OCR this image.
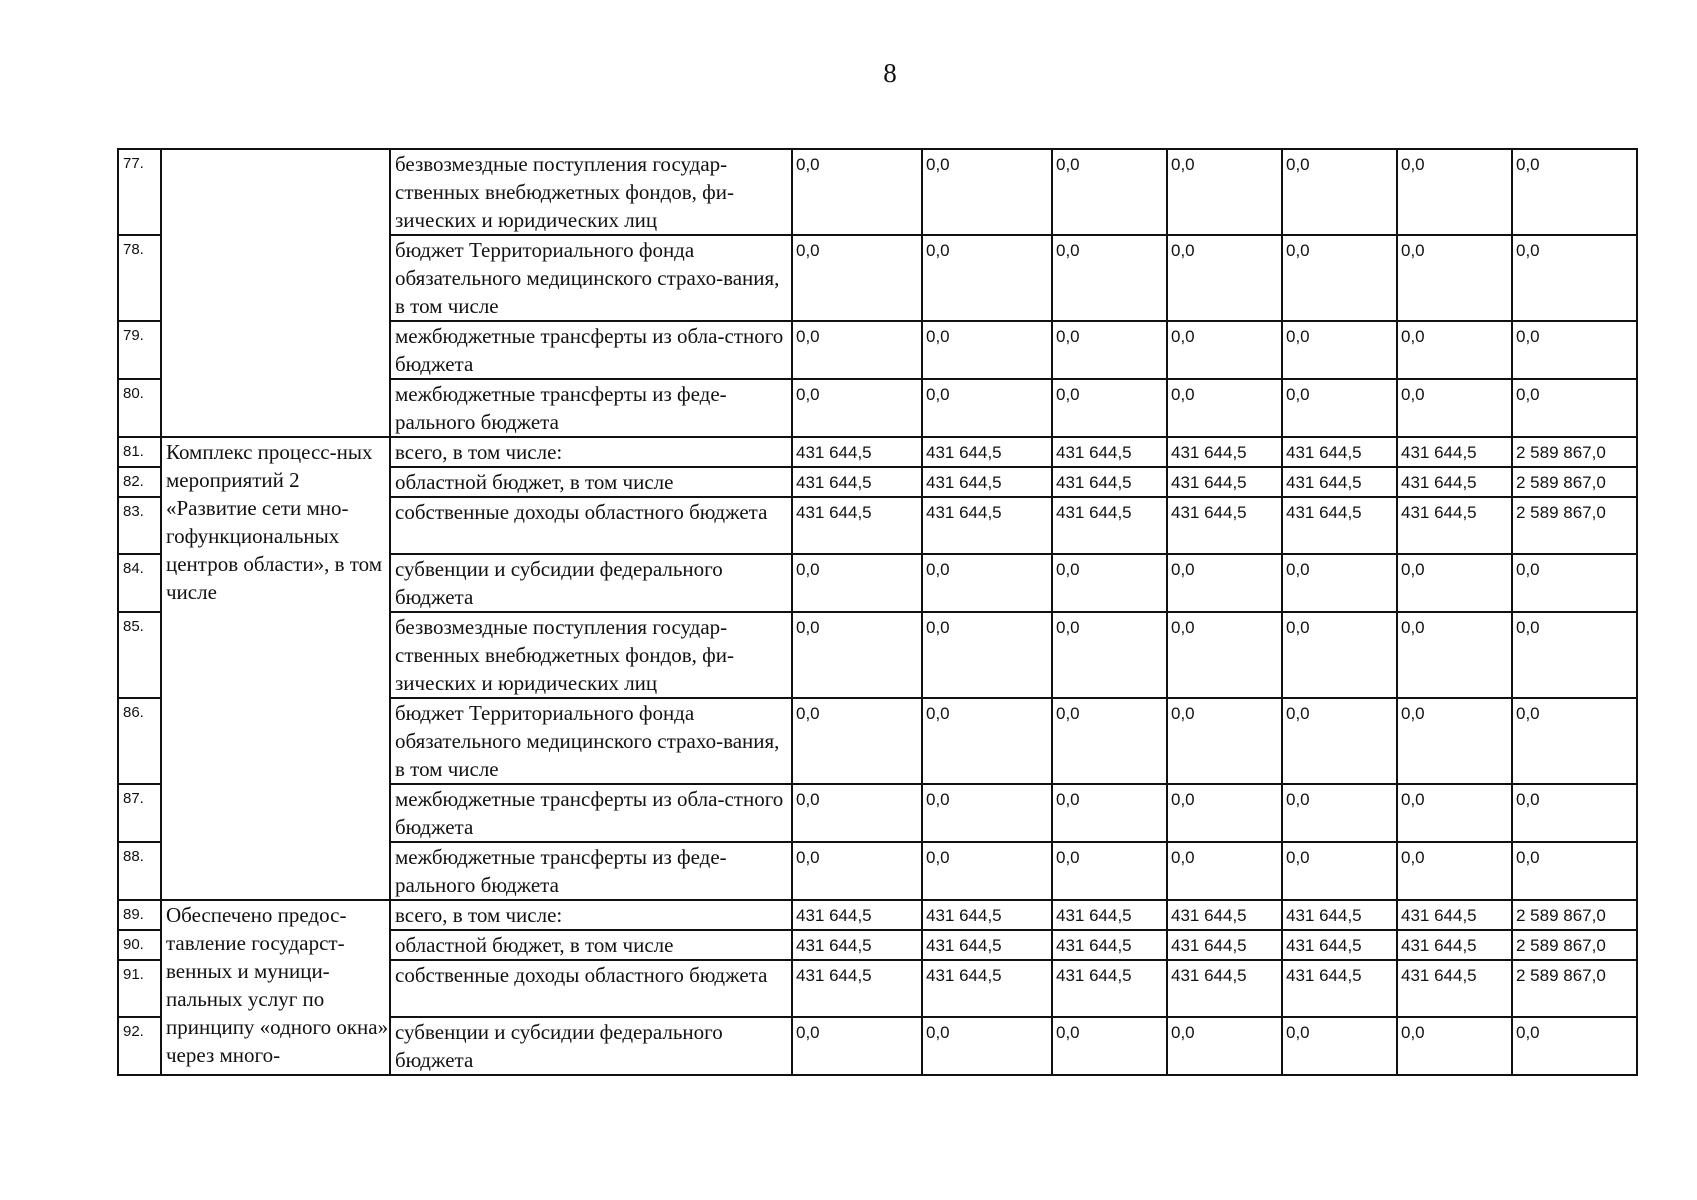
8
77.		безвозмездные поступления государ-ственных внебюджетных фондов, фи-зических и юридических лиц	0,0	0,0	0,0	0,0	0,0	0,0	0,0
78.		бюджет Территориального фонда обязательного медицинского страхо-вания, в том числе	0,0	0,0	0,0	0,0	0,0	0,0	0,0
79.		межбюджетные трансферты из обла-стного бюджета	0,0	0,0	0,0	0,0	0,0	0,0	0,0
80.		межбюджетные трансферты из феде-рального бюджета	0,0	0,0	0,0	0,0	0,0	0,0	0,0
81.	Комплекс процесс-ных мероприятий 2 «Развитие сети мно-гофункциональных центров области», в том числе	всего, в том числе:	431 644,5	431 644,5	431 644,5	431 644,5	431 644,5	431 644,5	2 589 867,0
82.		областной бюджет, в том числе	431 644,5	431 644,5	431 644,5	431 644,5	431 644,5	431 644,5	2 589 867,0
83.		собственные доходы областного бюджета	431 644,5	431 644,5	431 644,5	431 644,5	431 644,5	431 644,5	2 589 867,0
84.		субвенции и субсидии федерального бюджета	0,0	0,0	0,0	0,0	0,0	0,0	0,0
85.		безвозмездные поступления государ-ственных внебюджетных фондов, фи-зических и юридических лиц	0,0	0,0	0,0	0,0	0,0	0,0	0,0
86.		бюджет Территориального фонда обязательного медицинского страхо-вания, в том числе	0,0	0,0	0,0	0,0	0,0	0,0	0,0
87.		межбюджетные трансферты из обла-стного бюджета	0,0	0,0	0,0	0,0	0,0	0,0	0,0
88.		межбюджетные трансферты из феде-рального бюджета	0,0	0,0	0,0	0,0	0,0	0,0	0,0
89.	Обеспечено предос-тавление государст-венных и муници-пальных услуг по принципу «одного окна» через много-	всего, в том числе:	431 644,5	431 644,5	431 644,5	431 644,5	431 644,5	431 644,5	2 589 867,0
90.		областной бюджет, в том числе	431 644,5	431 644,5	431 644,5	431 644,5	431 644,5	431 644,5	2 589 867,0
91.		собственные доходы областного бюджета	431 644,5	431 644,5	431 644,5	431 644,5	431 644,5	431 644,5	2 589 867,0
92.		субвенции и субсидии федерального бюджета	0,0	0,0	0,0	0,0	0,0	0,0	0,0
